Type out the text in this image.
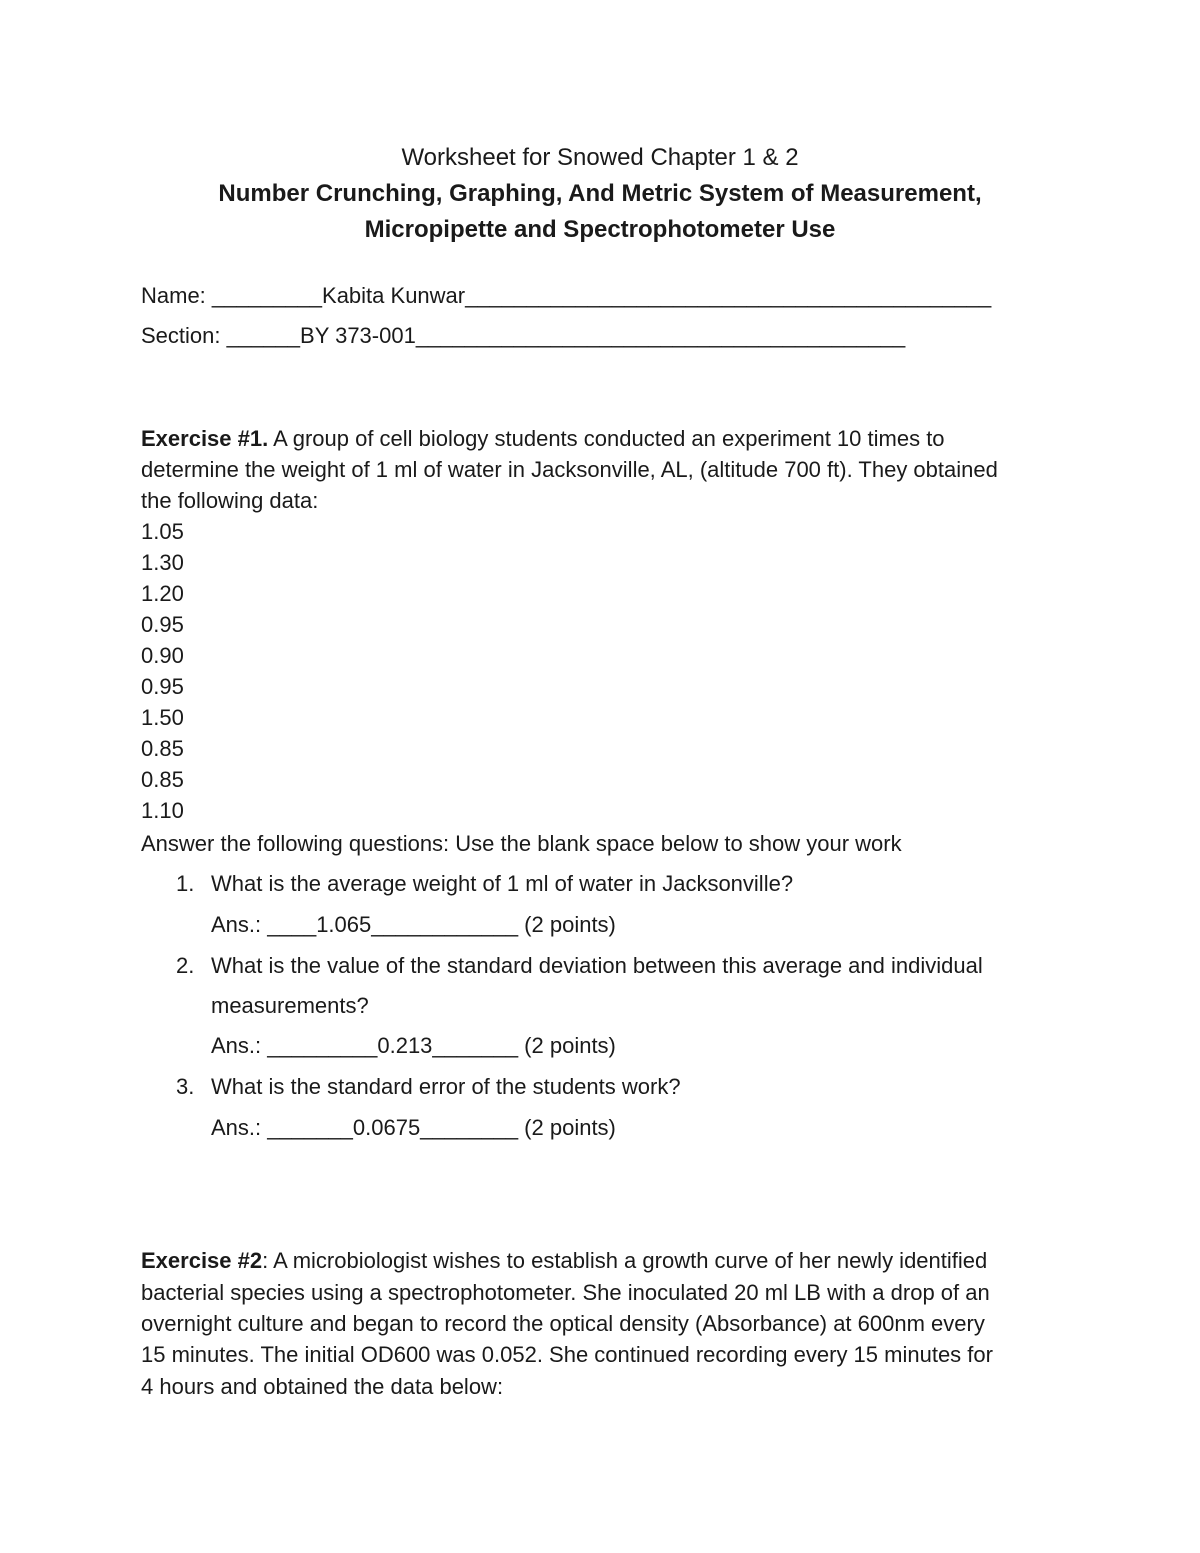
Worksheet for Snowed Chapter 1 & 2
Number Crunching, Graphing, And Metric System of Measurement,
Micropipette and Spectrophotometer Use
Name: _________Kabita Kunwar___________________________________________
Section: ______BY 373-001________________________________________
Exercise #1. A group of cell biology students conducted an experiment 10 times to
determine the weight of 1 ml of water in Jacksonville, AL, (altitude 700 ft). They obtained
the following data:
1.05
1.30
1.20
0.95
0.90
0.95
1.50
0.85
0.85
1.10
Answer the following questions: Use the blank space below to show your work
1. What is the average weight of 1 ml of water in Jacksonville?
Ans.: ____1.065____________ (2 points)
2. What is the value of the standard deviation between this average and individual
measurements?
Ans.: _________0.213_______ (2 points)
3. What is the standard error of the students work?
Ans.: _______0.0675________ (2 points)
Exercise #2: A microbiologist wishes to establish a growth curve of her newly identified
bacterial species using a spectrophotometer. She inoculated 20 ml LB with a drop of an
overnight culture and began to record the optical density (Absorbance) at 600nm every
15 minutes. The initial OD600 was 0.052. She continued recording every 15 minutes for
4 hours and obtained the data below:
